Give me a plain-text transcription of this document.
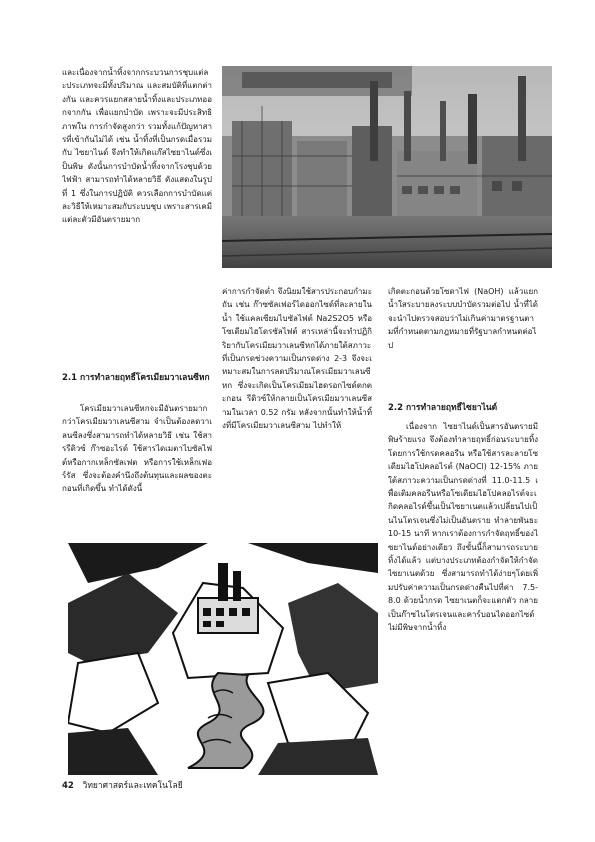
และเนื่องจากน้ำทิ้งจากกระบวนการชุบแต่ละประเภทจะมีทั้งปริมาณ และสมบัติที่แตกต่างกัน และควรแยกสลายน้ำทิ้งและประเภทออกจากกัน เพื่อแยกบำบัด เพราะจะมีประสิทธิภาพใน การกำจัดสูงกว่า รวมทั้งแก้ปัญหาสารที่เข้ากันไม่ได้ เช่น น้ำทิ้งที่เป็นกรดเมื่อรวมกับ ไซยาไนด์ จึงทำให้เกิดแก๊สไซยาไนด์ซึ่งเป็นพิษ ดังนั้นการบำบัดน้ำทิ้งจากโรงชุบด้วยไฟฟ้า สามารถทำได้หลายวิธี ดังแสดงในรูปที่ 1 ซึ่งในการปฏิบัติ ควรเลือกการบำบัดแต่ละวิธีให้เหมาะสมกับระบบชุบ เพราะสารเคมีแต่ละตัวมีอันตรายมาก

2.1 การทำลายฤทธิ์โครเมียมวาเลนซีหก

โครเมียมวาเลนซีหกจะมีอันตรายมากกว่าโครเมียมวาเลนซีสาม จำเป็นต้องลดวาเลนซีลงซึ่งสามารถทำได้หลายวิธี เช่น ใช้สารรีดิวซ์ ก๊าซอะไรด์ ใช้สารไดเมตาไบซัลไฟต์หรือกากเหล็กซัลเฟต หรือการใช้เหล็กเฟอร์รัส ซึ่งจะต้องคำนึงถึงต้นทุนและผลของตะกอนที่เกิดขึ้น ทำได้ดังนี้

ค่าการกำจัดต่ำ จึงนิยมใช้สารประกอบกำมะถัน เช่น ก๊าซซัลเฟอร์ไดออกไซด์ที่ละลายในน้ำ ใช้แคลเซียมไบซัลไฟต์ Na2S2O5 หรือโซเดียมไฮโดรซัลไฟต์ สารเหล่านี้จะทำปฏิกิริยากับโครเมียมวาเลนซีหกได้ภายใต้สภาวะที่เป็นกรดช่วงความเป็นกรดด่าง 2-3 จึงจะเหมาะสมในการลดปริมาณโครเมียมวาเลนซีหก ซึ่งจะเกิดเป็นโครเมียมไฮดรอกไซด์ตกตะกอน รีดิวซ์ให้กลายเป็นโครเมียมวาเลนซีสามในเวลา 0.52 กรัม หลังจากนั้นทำให้น้ำทิ้งที่มีโครเมียมวาเลนซีสาม ไปทำให้

เกิดตะกอนด้วยโซดาไฟ (NaOH) แล้วแยกน้ำใสระบายลงระบบบำบัดรวมต่อไป น้ำที่ได้ จะนำไปตรวจสอบว่าไม่เกินค่ามาตรฐานตามที่กำหนดตามกฎหมายที่รัฐบาลกำหนดต่อไป

2.2 การทำลายฤทธิ์ไซยาไนด์

เนื่องจาก ไซยาไนด์เป็นสารอันตรายมีพิษร้ายแรง จึงต้องทำลายฤทธิ์ก่อนระบายทิ้ง โดยการใช้กรดคลอรีน หรือใช้สารละลายโซเดียมไฮโปคลอไรต์ (NaOCl) 12-15% ภายใต้สภาวะความเป็นกรดด่างที่ 11.0-11.5 เพื่อเติมคลอรีนหรือโซเดียมไฮโปคลอไรต์จะเกิดคลอไรด์ขึ้นเป็นไซยาเนตแล้วเปลี่ยนไปเป็นไนโตรเจนซึ่งไม่เป็นอันตราย ทำลายพันธะ 10-15 นาที หากเราต้องการกำจัดฤทธิ์ของไซยาไนด์อย่างเดียว ถึงขั้นนี้ก็สามารถระบายทิ้งได้แล้ว แต่บางประเภทต้องกำจัดให้กำจัดไซยาเนตด้วย ซึ่งสามารถทำได้ง่ายๆโดยเพิ่มปรับค่าความเป็นกรดด่างคืนไปที่ค่า 7.5-8.0 ด้วยน้ำกรด ไซยาเนตก็จะแตกตัว กลายเป็นก๊าซไนโตรเจนและคาร์บอนไดออกไซด์ ไม่มีพิษจากน้ำทิ้ง

42 วิทยาศาสตร์และเทคโนโลยี
